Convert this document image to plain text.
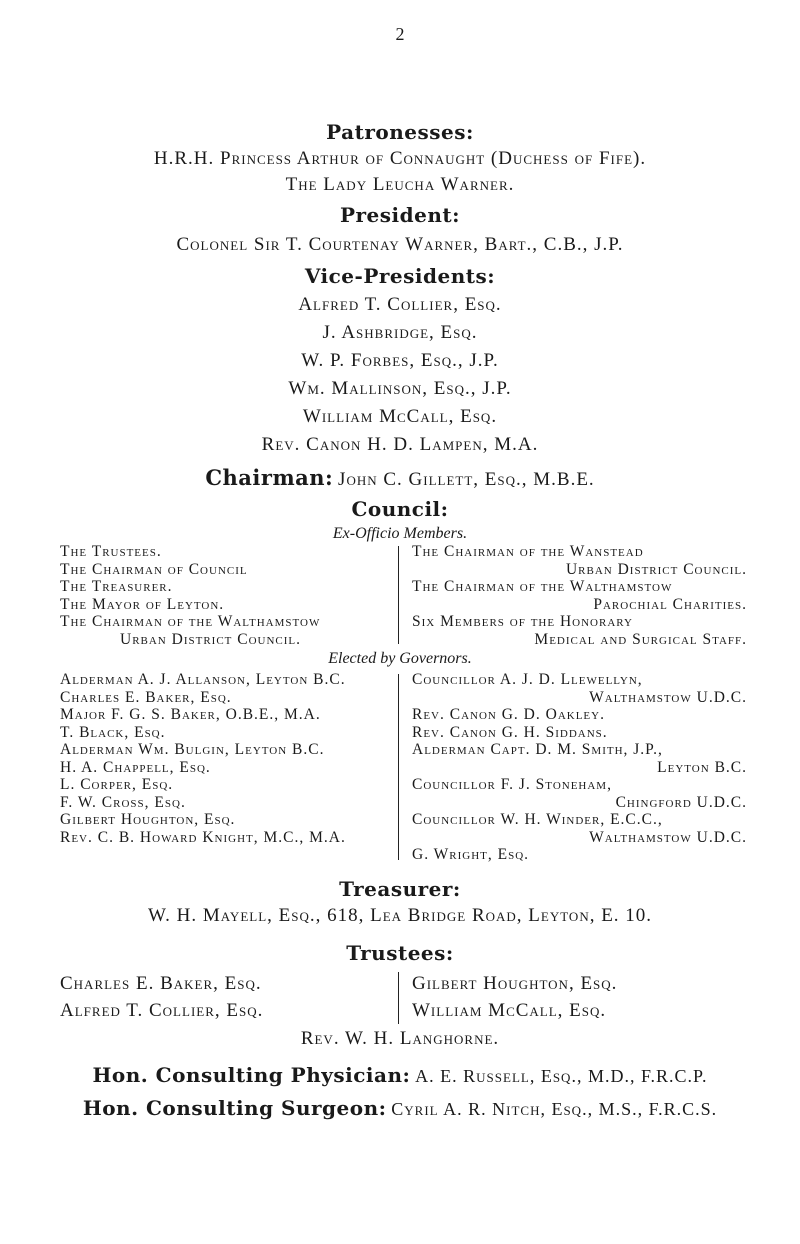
2
Patronesses:
H.R.H. Princess Arthur of Connaught (Duchess of Fife).
The Lady Leucha Warner.
President:
Colonel Sir T. Courtenay Warner, Bart., C.B., J.P.
Vice-Presidents:
Alfred T. Collier, Esq.
J. Ashbridge, Esq.
W. P. Forbes, Esq., J.P.
Wm. Mallinson, Esq., J.P.
William McCall, Esq.
Rev. Canon H. D. Lampen, M.A.
Chairman: John C. Gillett, Esq., M.B.E.
Council:
Ex-Officio Members.
The Trustees.
The Chairman of Council
The Treasurer.
The Mayor of Leyton.
The Chairman of the Walthamstow
Urban District Council.
The Chairman of the Wanstead
Urban District Council.
The Chairman of the Walthamstow
Parochial Charities.
Six Members of the Honorary
Medical and Surgical Staff.
Elected by Governors.
Alderman A. J. Allanson, Leyton B.C.
Charles E. Baker, Esq.
Major F. G. S. Baker, O.B.E., M.A.
T. Black, Esq.
Alderman Wm. Bulgin, Leyton B.C.
H. A. Chappell, Esq.
L. Corper, Esq.
F. W. Cross, Esq.
Gilbert Houghton, Esq.
Rev. C. B. Howard Knight, M.C., M.A.
Councillor A. J. D. Llewellyn,
Walthamstow U.D.C.
Rev. Canon G. D. Oakley.
Rev. Canon G. H. Siddans.
Alderman Capt. D. M. Smith, J.P.,
Leyton B.C.
Councillor F. J. Stoneham,
Chingford U.D.C.
Councillor W. H. Winder, E.C.C.,
Walthamstow U.D.C.
G. Wright, Esq.
Treasurer:
W. H. Mayell, Esq., 618, Lea Bridge Road, Leyton, E. 10.
Trustees:
Charles E. Baker, Esq.
Alfred T. Collier, Esq.
Gilbert Houghton, Esq.
William McCall, Esq.
Rev. W. H. Langhorne.
Hon. Consulting Physician: A. E. Russell, Esq., M.D., F.R.C.P.
Hon. Consulting Surgeon: Cyril A. R. Nitch, Esq., M.S., F.R.C.S.
